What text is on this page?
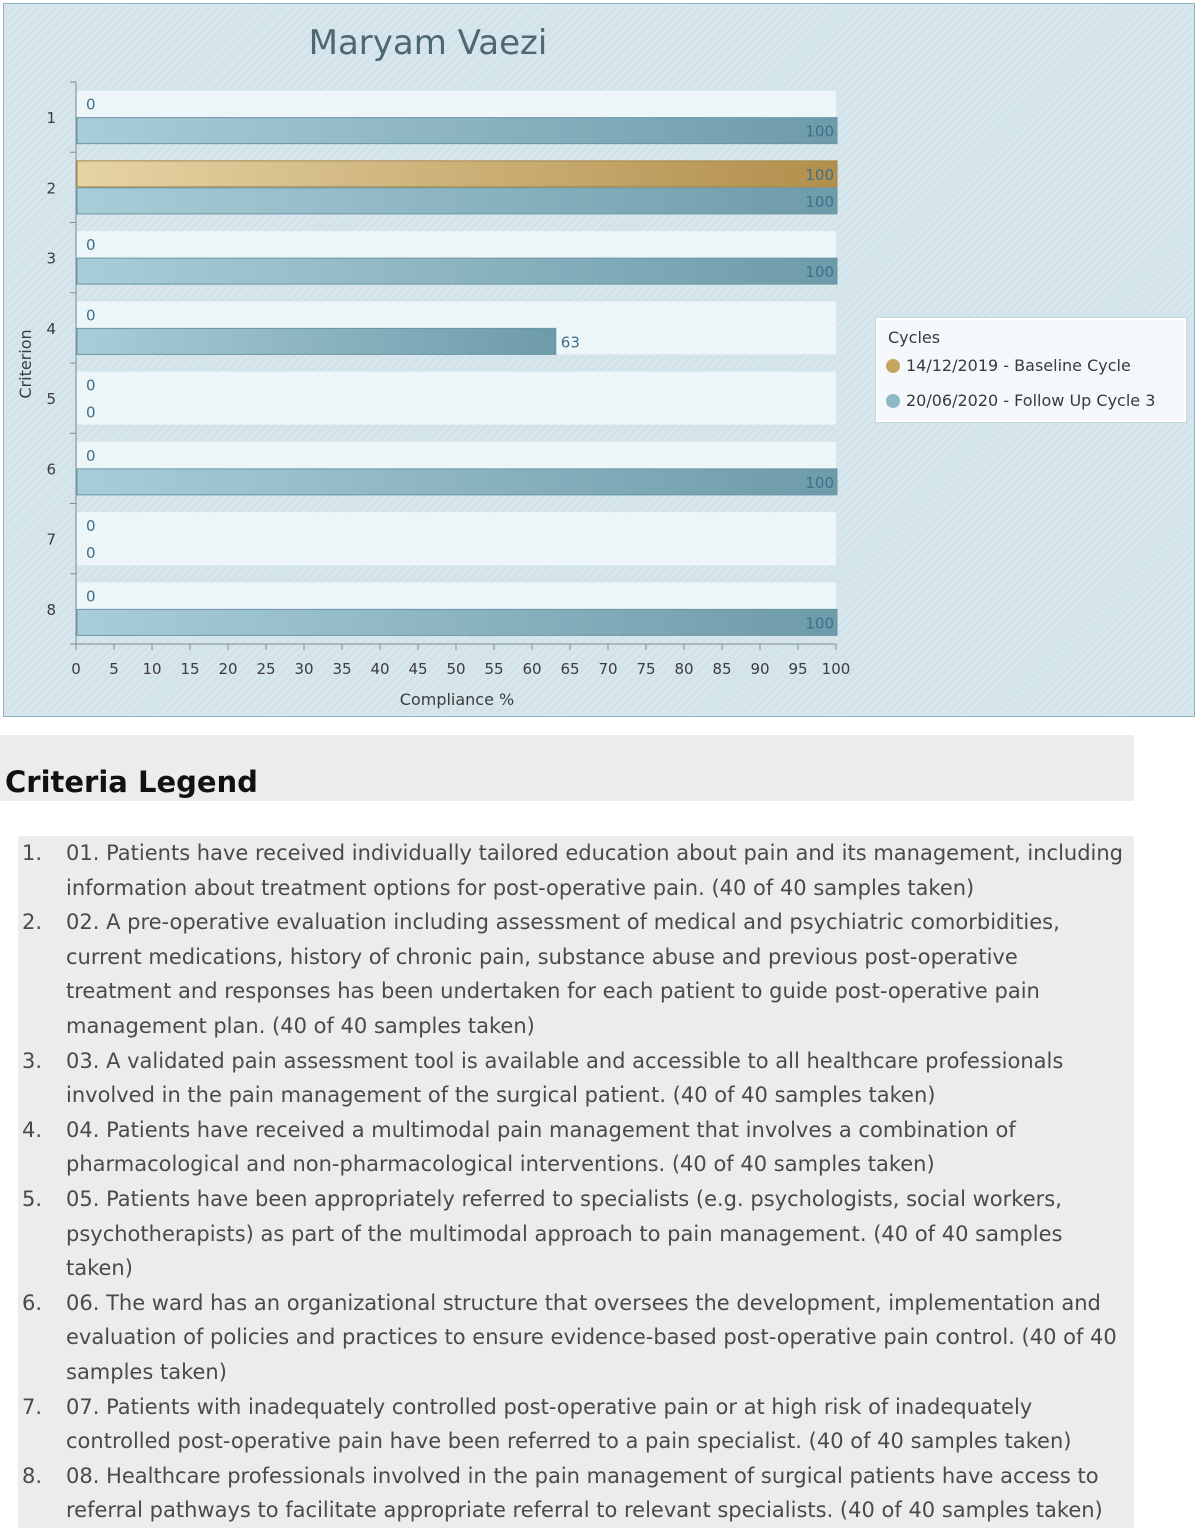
Maryam Vaezi
0
100
100
100
0
100
0
63
0
0
0
100
0
0
0
100
0 5 10 15 20 25 30 35 40 45 50 55 60 65 70 75 80 85 90 95 100
1
2
3
4
5
6
7
8
Compliance %
Criterion	Cycles
14/12/2019 - Baseline Cycle
20/06/2020 - Follow Up Cycle 3
Criteria Legend
1. 01. Patients have received individually tailored education about pain and its management, including information about treatment options for post-operative pain. (40 of 40 samples taken)
2. 02. A pre-operative evaluation including assessment of medical and psychiatric comorbidities, current medications, history of chronic pain, substance abuse and previous post-operative treatment and responses has been undertaken for each patient to guide post-operative pain management plan. (40 of 40 samples taken)
3. 03. A validated pain assessment tool is available and accessible to all healthcare professionals involved in the pain management of the surgical patient. (40 of 40 samples taken)
4. 04. Patients have received a multimodal pain management that involves a combination of pharmacological and non-pharmacological interventions. (40 of 40 samples taken)
5. 05. Patients have been appropriately referred to specialists (e.g. psychologists, social workers, psychotherapists) as part of the multimodal approach to pain management. (40 of 40 samples taken)
6. 06. The ward has an organizational structure that oversees the development, implementation and evaluation of policies and practices to ensure evidence-based post-operative pain control. (40 of 40 samples taken)
7. 07. Patients with inadequately controlled post-operative pain or at high risk of inadequately controlled post-operative pain have been referred to a pain specialist. (40 of 40 samples taken)
8. 08. Healthcare professionals involved in the pain management of surgical patients have access to referral pathways to facilitate appropriate referral to relevant specialists. (40 of 40 samples taken)
